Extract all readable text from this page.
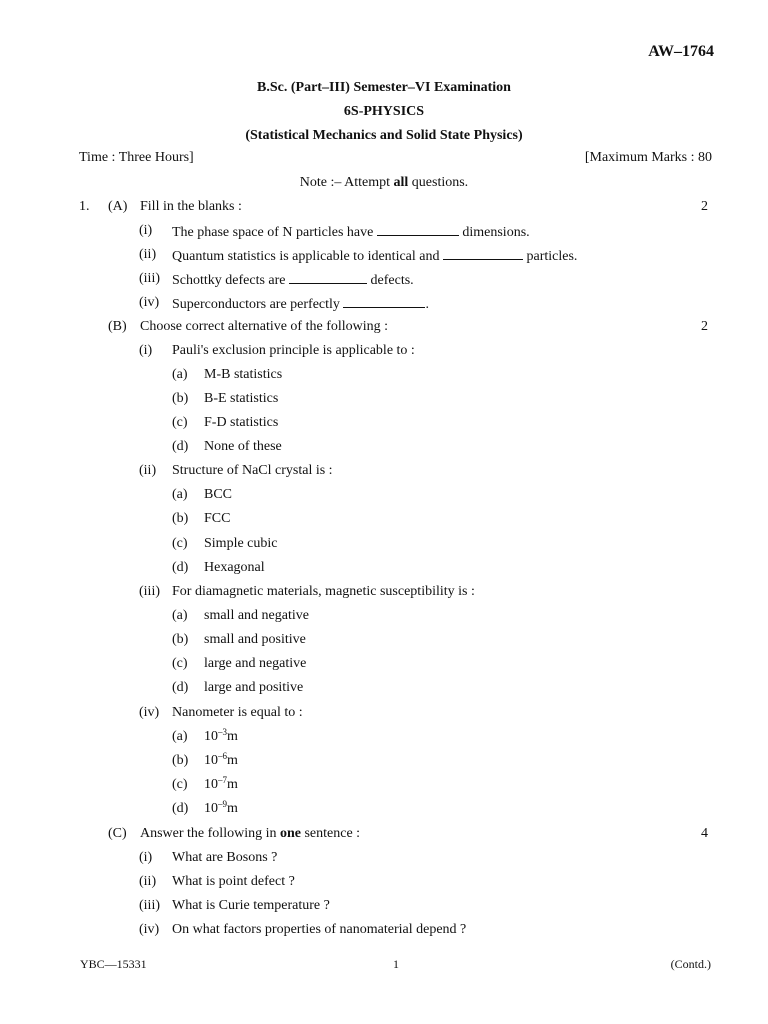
AW–1764
B.Sc. (Part–III) Semester–VI Examination
6S-PHYSICS
(Statistical Mechanics and Solid State Physics)
Time : Three Hours]	[Maximum Marks : 80
Note :– Attempt all questions.
1. (A) Fill in the blanks :	2
(i) The phase space of N particles have	dimensions.
(ii) Quantum statistics is applicable to identical and	particles.
(iii) Schottky defects are	defects.
(iv) Superconductors are perfectly	.
(B) Choose correct alternative of the following :	2
(i) Pauli's exclusion principle is applicable to :
(a) M-B statistics
(b) B-E statistics
(c) F-D statistics
(d) None of these
(ii) Structure of NaCl crystal is :
(a) BCC
(b) FCC
(c) Simple cubic
(d) Hexagonal
(iii) For diamagnetic materials, magnetic susceptibility is :
(a) small and negative
(b) small and positive
(c) large and negative
(d) large and positive
(iv) Nanometer is equal to :
(a) $10^{-3}m$
(b) $10^{-6}m$
(c) $10^{-7}m$
(d) $10^{-9}m$
(C) Answer the following in one sentence :	4
(i) What are Bosons ?
(ii) What is point defect ?
(iii) What is Curie temperature ?
(iv) On what factors properties of nanomaterial depend ?
YBC—15331	1	(Contd.)
